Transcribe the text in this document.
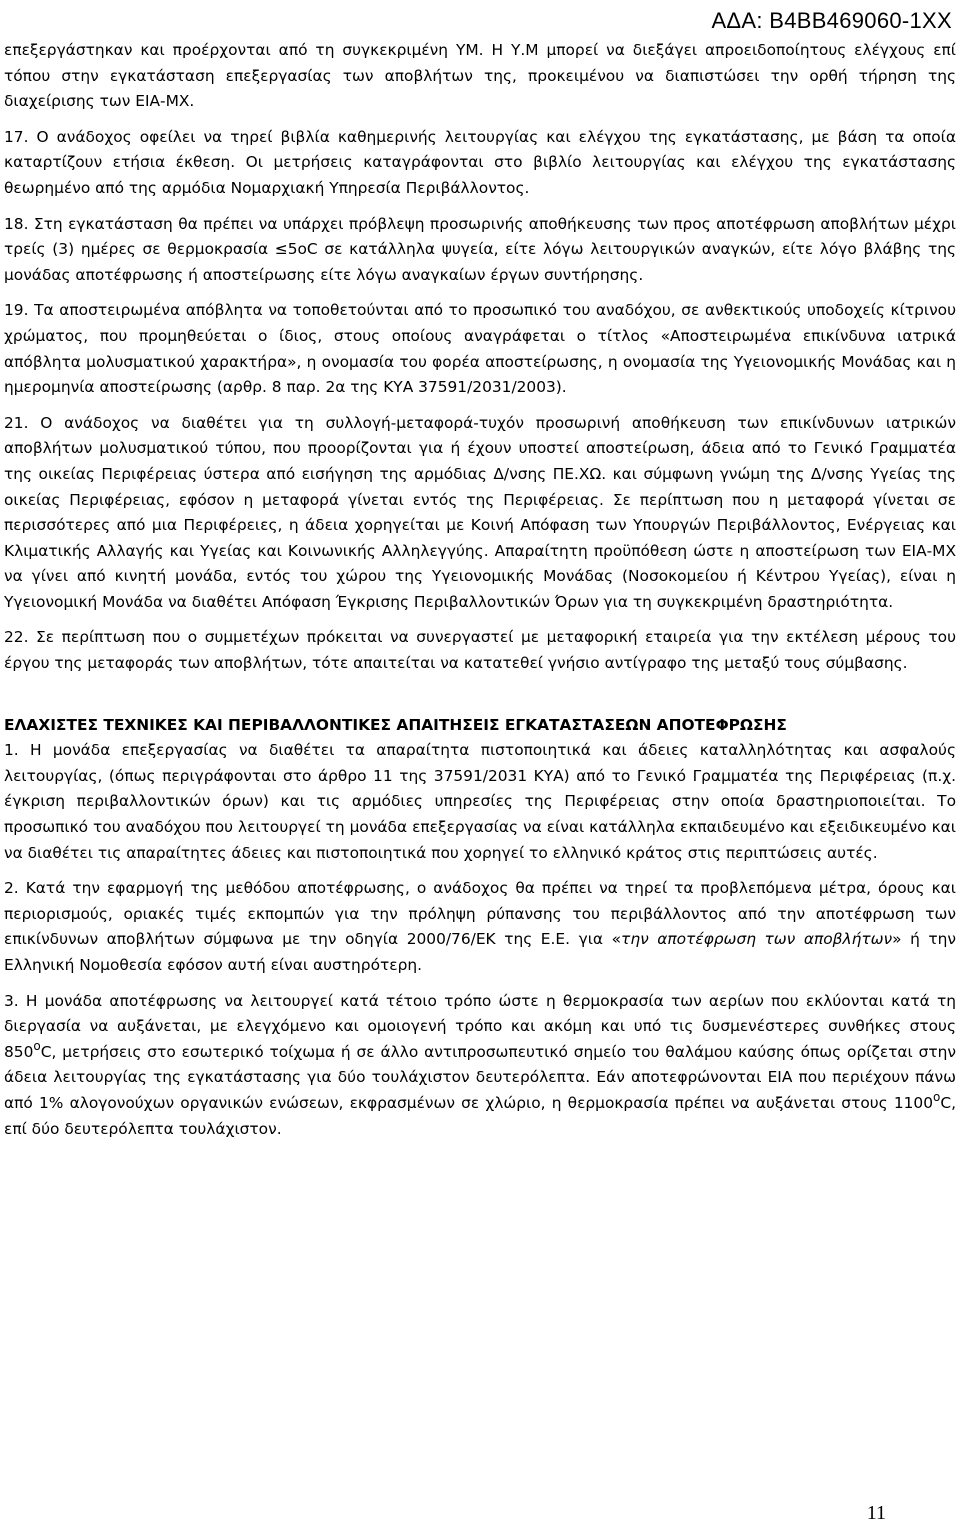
ΑΔΑ: Β4ΒΒ469060-1ΧΧ

επεξεργάστηκαν και προέρχονται από τη συγκεκριμένη ΥΜ. Η Υ.Μ μπορεί να διεξάγει απροειδοποίητους ελέγχους επί τόπου στην εγκατάσταση επεξεργασίας των αποβλήτων της, προκειμένου να διαπιστώσει την ορθή τήρηση της διαχείρισης των ΕΙΑ-ΜΧ.

17. Ο ανάδοχος οφείλει να τηρεί βιβλία καθημερινής λειτουργίας και ελέγχου της εγκατάστασης, με βάση τα οποία καταρτίζουν ετήσια έκθεση. Οι μετρήσεις καταγράφονται στο βιβλίο λειτουργίας και ελέγχου της εγκατάστασης θεωρημένο από της αρμόδια Νομαρχιακή Υπηρεσία Περιβάλλοντος.

18. Στη εγκατάσταση θα πρέπει να υπάρχει πρόβλεψη προσωρινής αποθήκευσης των προς αποτέφρωση αποβλήτων μέχρι τρείς (3) ημέρες σε θερμοκρασία ≤5oC σε κατάλληλα ψυγεία, είτε λόγω λειτουργικών αναγκών, είτε λόγο βλάβης της μονάδας αποτέφρωσης ή αποστείρωσης είτε λόγω αναγκαίων έργων συντήρησης.

19. Τα αποστειρωμένα απόβλητα να τοποθετούνται από το προσωπικό του αναδόχου, σε ανθεκτικούς υποδοχείς κίτρινου χρώματος, που προμηθεύεται ο ίδιος, στους οποίους αναγράφεται ο τίτλος «Αποστειρωμένα επικίνδυνα ιατρικά απόβλητα μολυσματικού χαρακτήρα», η ονομασία του φορέα αποστείρωσης, η ονομασία της Υγειονομικής Μονάδας και η ημερομηνία αποστείρωσης (αρθρ. 8 παρ. 2α της ΚΥΑ 37591/2031/2003).

21. Ο ανάδοχος να διαθέτει για τη συλλογή-μεταφορά-τυχόν προσωρινή αποθήκευση των επικίνδυνων ιατρικών αποβλήτων μολυσματικού τύπου, που προορίζονται για ή έχουν υποστεί αποστείρωση, άδεια από το Γενικό Γραμματέα της οικείας Περιφέρειας ύστερα από εισήγηση της αρμόδιας Δ/νσης ΠΕ.ΧΩ. και σύμφωνη γνώμη της Δ/νσης Υγείας της οικείας Περιφέρειας, εφόσον η μεταφορά γίνεται εντός της Περιφέρειας. Σε περίπτωση που η μεταφορά γίνεται σε περισσότερες από μια Περιφέρειες, η άδεια χορηγείται με Κοινή Απόφαση των Υπουργών Περιβάλλοντος, Ενέργειας και Κλιματικής Αλλαγής και Υγείας και Κοινωνικής Αλληλεγγύης. Απαραίτητη προϋπόθεση ώστε η αποστείρωση των ΕΙΑ-ΜΧ να γίνει από κινητή μονάδα, εντός του χώρου της Υγειονομικής Μονάδας (Νοσοκομείου ή Κέντρου Υγείας), είναι η Υγειονομική Μονάδα να διαθέτει Απόφαση Έγκρισης Περιβαλλοντικών Όρων για τη συγκεκριμένη δραστηριότητα.

22. Σε περίπτωση που ο συμμετέχων πρόκειται να συνεργαστεί με μεταφορική εταιρεία για την εκτέλεση μέρους του έργου της μεταφοράς των αποβλήτων, τότε απαιτείται να κατατεθεί γνήσιο αντίγραφο της μεταξύ τους σύμβασης.

ΕΛΑΧΙΣΤΕΣ ΤΕΧΝΙΚΕΣ ΚΑΙ ΠΕΡΙΒΑΛΛΟΝΤΙΚΕΣ ΑΠΑΙΤΗΣΕΙΣ ΕΓΚΑΤΑΣΤΑΣΕΩΝ ΑΠΟΤΕΦΡΩΣΗΣ

1. Η μονάδα επεξεργασίας να διαθέτει τα απαραίτητα πιστοποιητικά και άδειες καταλληλότητας και ασφαλούς λειτουργίας, (όπως περιγράφονται στο άρθρο 11 της 37591/2031 ΚΥΑ) από το Γενικό Γραμματέα της Περιφέρειας (π.χ. έγκριση περιβαλλοντικών όρων) και τις αρμόδιες υπηρεσίες της Περιφέρειας στην οποία δραστηριοποιείται. Το προσωπικό του αναδόχου που λειτουργεί τη μονάδα επεξεργασίας να είναι κατάλληλα εκπαιδευμένο και εξειδικευμένο και να διαθέτει τις απαραίτητες άδειες και πιστοποιητικά που χορηγεί το ελληνικό κράτος στις περιπτώσεις αυτές.

2. Κατά την εφαρμογή της μεθόδου αποτέφρωσης, ο ανάδοχος θα πρέπει να τηρεί τα προβλεπόμενα μέτρα, όρους και περιορισμούς, οριακές τιμές εκπομπών για την πρόληψη ρύπανσης του περιβάλλοντος από την αποτέφρωση των επικίνδυνων αποβλήτων σύμφωνα με την οδηγία 2000/76/ΕΚ της Ε.Ε. για «την αποτέφρωση των αποβλήτων» ή την Ελληνική Νομοθεσία εφόσον αυτή είναι αυστηρότερη.

3. Η μονάδα αποτέφρωσης να λειτουργεί κατά τέτοιο τρόπο ώστε η θερμοκρασία των αερίων που εκλύονται κατά τη διεργασία να αυξάνεται, με ελεγχόμενο και ομοιογενή τρόπο και ακόμη και υπό τις δυσμενέστερες συνθήκες στους 850$^o$C, μετρήσεις στο εσωτερικό τοίχωμα ή σε άλλο αντιπροσωπευτικό σημείο του θαλάμου καύσης όπως ορίζεται στην άδεια λειτουργίας της εγκατάστασης για δύο τουλάχιστον δευτερόλεπτα. Εάν αποτεφρώνονται ΕΙΑ που περιέχουν πάνω από 1% αλογονούχων οργανικών ενώσεων, εκφρασμένων σε χλώριο, η θερμοκρασία πρέπει να αυξάνεται στους 1100$^o$C, επί δύο δευτερόλεπτα τουλάχιστον.

11
